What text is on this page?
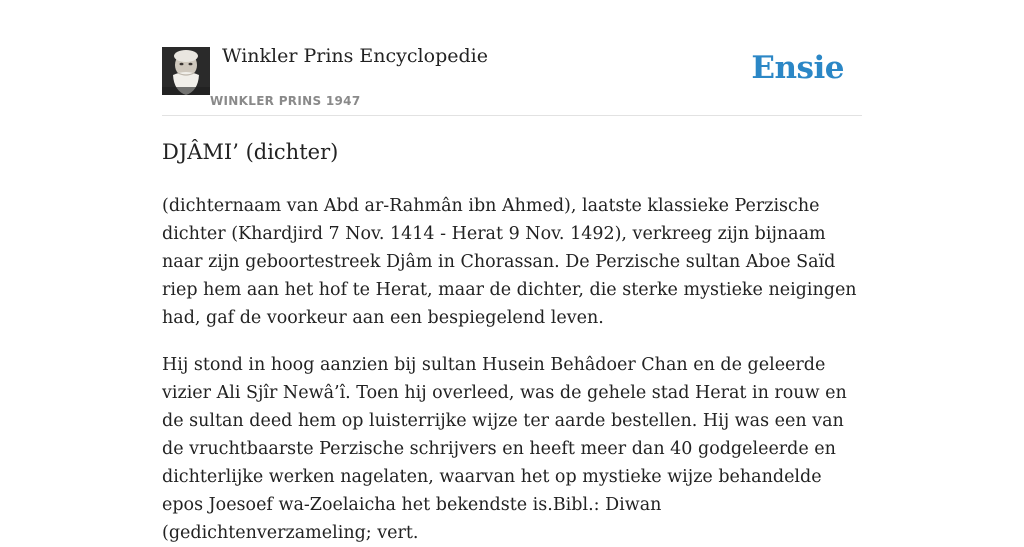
Winkler Prins Encyclopedie
WINKLER PRINS 1947
Ensie
DJÂMI’ (dichter)

(dichternaam van Abd ar-Rahmân ibn Ahmed), laatste klassieke Perzische dichter (Khardjird 7 Nov. 1414 - Herat 9 Nov. 1492), verkreeg zijn bijnaam naar zijn geboortestreek Djâm in Chorassan. De Perzische sultan Aboe Saïd riep hem aan het hof te Herat, maar de dichter, die sterke mystieke neigingen had, gaf de voorkeur aan een bespiegelend leven.

Hij stond in hoog aanzien bij sultan Husein Behâdoer Chan en de geleerde vizier Ali Sjîr Newâ’î. Toen hij overleed, was de gehele stad Herat in rouw en de sultan deed hem op luisterrijke wijze ter aarde bestellen. Hij was een van de vruchtbaarste Perzische schrijvers en heeft meer dan 40 godgeleerde en dichterlijke werken nagelaten, waarvan het op mystieke wijze behandelde epos Joesoef wa-Zoelaicha het bekendste is.Bibl.: Diwan (gedichtenverzameling; vert.
